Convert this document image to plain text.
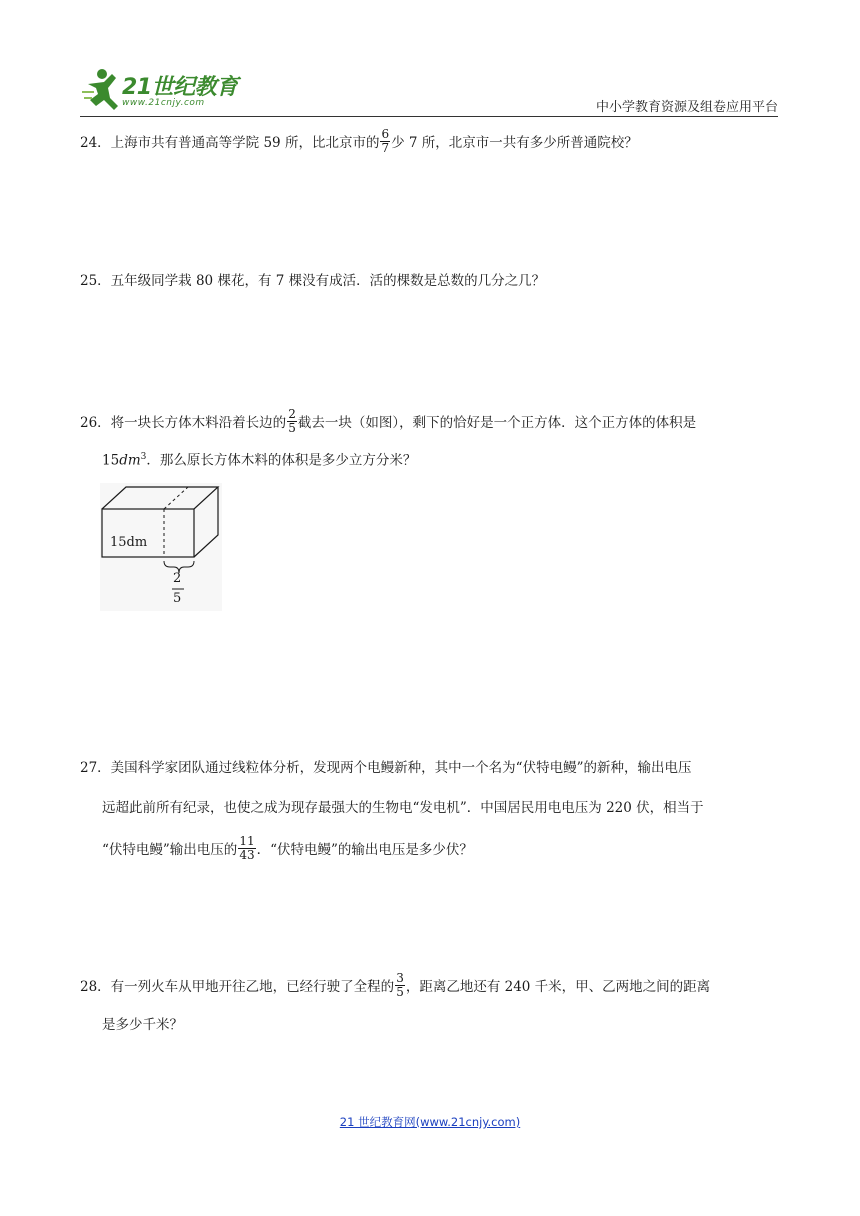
21世纪教育
www.21cnjy.com	中小学教育资源及组卷应用平台
24．上海市共有普通高等学院 59 所，比北京市的 $\frac{6}{7}$ 少 7 所，北京市一共有多少所普通院校？
25．五年级同学栽 80 棵花，有 7 棵没有成活．活的棵数是总数的几分之几？
26．将一块长方体木料沿着长边的 $\frac{2}{5}$ 截去一块（如图），剩下的恰好是一个正方体．这个正方体的体积是
$15dm^3$．那么原长方体木料的体积是多少立方分米？
15dm
2
5
27．美国科学家团队通过线粒体分析，发现两个电鳗新种，其中一个名为“伏特电鳗”的新种，输出电压
远超此前所有纪录，也使之成为现存最强大的生物电“发电机”．中国居民用电电压为 220 伏，相当于
“伏特电鳗”输出电压的 $\frac{11}{43}$ ．“伏特电鳗”的输出电压是多少伏？
28．有一列火车从甲地开往乙地，已经行驶了全程的 $\frac{3}{5}$ ，距离乙地还有 240 千米，甲、乙两地之间的距离
是多少千米？
21 世纪教育网(www.21cnjy.com)
